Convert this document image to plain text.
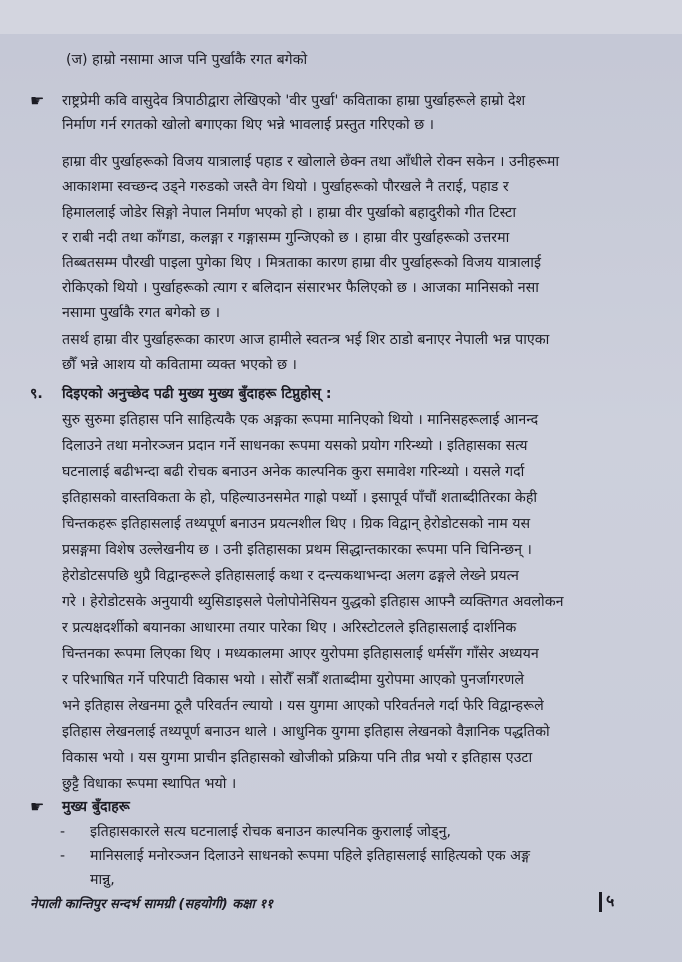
(ज) हाम्रो नसामा आज पनि पुर्खाकै रगत बगेको
☛ राष्ट्रप्रेमी कवि वासुदेव त्रिपाठीद्वारा लेखिएको 'वीर पुर्खा' कविताका हाम्रा पुर्खाहरूले हाम्रो देश
निर्माण गर्न रगतको खोलो बगाएका थिए भन्ने भावलाई प्रस्तुत गरिएको छ ।
हाम्रा वीर पुर्खाहरूको विजय यात्रालाई पहाड र खोलाले छेक्न तथा आँधीले रोक्न सकेन । उनीहरूमा
आकाशमा स्वच्छन्द उड्ने गरुडको जस्तै वेग थियो । पुर्खाहरूको पौरखले नै तराई, पहाड र
हिमाललाई जोडेर सिङ्गो नेपाल निर्माण भएको हो । हाम्रा वीर पुर्खाको बहादुरीको गीत टिस्टा
र राबी नदी तथा काँगडा, कलङ्गा र गङ्गासम्म गुन्जिएको छ । हाम्रा वीर पुर्खाहरूको उत्तरमा
तिब्बतसम्म पौरखी पाइला पुगेका थिए । मित्रताका कारण हाम्रा वीर पुर्खाहरूको विजय यात्रालाई
रोकिएको थियो । पुर्खाहरूको त्याग र बलिदान संसारभर फैलिएको छ । आजका मानिसको नसा
नसामा पुर्खाकै रगत बगेको छ ।
तसर्थ हाम्रा वीर पुर्खाहरूका कारण आज हामीले स्वतन्त्र भई शिर ठाडो बनाएर नेपाली भन्न पाएका
छौँ भन्ने आशय यो कवितामा व्यक्त भएको छ ।
९. दिइएको अनुच्छेद पढी मुख्य मुख्य बुँदाहरू टिप्नुहोस् :
सुरु सुरुमा इतिहास पनि साहित्यकै एक अङ्गका रूपमा मानिएको थियो । मानिसहरूलाई आनन्द
दिलाउने तथा मनोरञ्जन प्रदान गर्ने साधनका रूपमा यसको प्रयोग गरिन्थ्यो । इतिहासका सत्य
घटनालाई बढीभन्दा बढी रोचक बनाउन अनेक काल्पनिक कुरा समावेश गरिन्थ्यो । यसले गर्दा
इतिहासको वास्तविकता के हो, पहिल्याउनसमेत गाह्रो पर्थ्यो । इसापूर्व पाँचौं शताब्दीतिरका केही
चिन्तकहरू इतिहासलाई तथ्यपूर्ण बनाउन प्रयत्नशील थिए । ग्रिक विद्वान् हेरोडोटसको नाम यस
प्रसङ्गमा विशेष उल्लेखनीय छ । उनी इतिहासका प्रथम सिद्धान्तकारका रूपमा पनि चिनिन्छन् ।
हेरोडोटसपछि थुप्रै विद्वान्हरूले इतिहासलाई कथा र दन्त्यकथाभन्दा अलग ढङ्गले लेख्ने प्रयत्न
गरे । हेरोडोटसके अनुयायी थ्युसिडाइसले पेलोपोनेसियन युद्धको इतिहास आफ्नै व्यक्तिगत अवलोकन
र प्रत्यक्षदर्शीको बयानका आधारमा तयार पारेका थिए । अरिस्टोटलले इतिहासलाई दार्शनिक
चिन्तनका रूपमा लिएका थिए । मध्यकालमा आएर युरोपमा इतिहासलाई धर्मसँग गाँसेर अध्ययन
र परिभाषित गर्ने परिपाटी विकास भयो । सोरौँ सत्रौँ शताब्दीमा युरोपमा आएको पुनर्जागरणले
भने इतिहास लेखनमा ठूलै परिवर्तन ल्यायो । यस युगमा आएको परिवर्तनले गर्दा फेरि विद्वान्हरूले
इतिहास लेखनलाई तथ्यपूर्ण बनाउन थाले । आधुनिक युगमा इतिहास लेखनको वैज्ञानिक पद्धतिको
विकास भयो । यस युगमा प्राचीन इतिहासको खोजीको प्रक्रिया पनि तीव्र भयो र इतिहास एउटा
छुट्टै विधाका रूपमा स्थापित भयो ।
☛ मुख्य बुँदाहरू
- इतिहासकारले सत्य घटनालाई रोचक बनाउन काल्पनिक कुरालाई जोड्नु,
- मानिसलाई मनोरञ्जन दिलाउने साधनको रूपमा पहिले इतिहासलाई साहित्यको एक अङ्ग
मान्नु,
नेपाली कान्तिपुर सन्दर्भ सामग्री (सहयोगी) कक्षा ११	५
